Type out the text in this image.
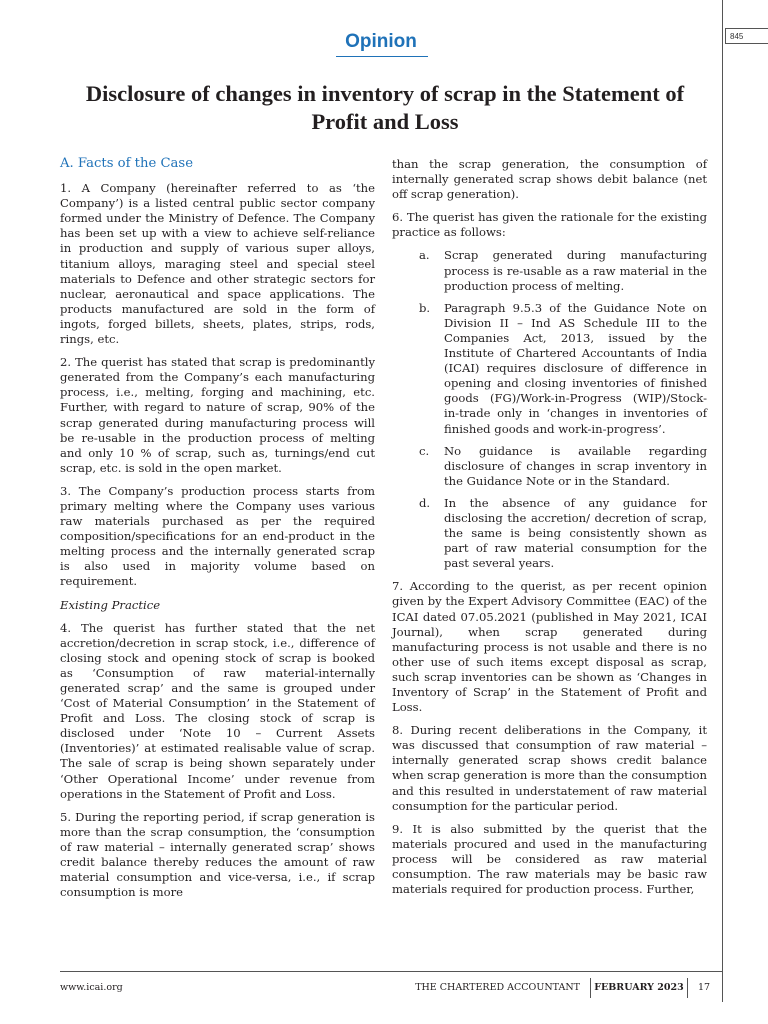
845
Opinion
Disclosure of changes in inventory of scrap in the Statement of Profit and Loss
A. Facts of the Case

1. A Company (hereinafter referred to as ‘the Company’) is a listed central public sector company formed under the Ministry of Defence. The Company has been set up with a view to achieve self-reliance in production and supply of various super alloys, titanium alloys, maraging steel and special steel materials to Defence and other strategic sectors for nuclear, aeronautical and space applications. The products manufactured are sold in the form of ingots, forged billets, sheets, plates, strips, rods, rings, etc.

2. The querist has stated that scrap is predominantly generated from the Company’s each manufacturing process, i.e., melting, forging and machining, etc. Further, with regard to nature of scrap, 90% of the scrap generated during manufacturing process will be re-usable in the production process of melting and only 10 % of scrap, such as, turnings/end cut scrap, etc. is sold in the open market.

3. The Company’s production process starts from primary melting where the Company uses various raw materials purchased as per the required composition/specifications for an end-product in the melting process and the internally generated scrap is also used in majority volume based on requirement.

Existing Practice

4. The querist has further stated that the net accretion/decretion in scrap stock, i.e., difference of closing stock and opening stock of scrap is booked as ‘Consumption of raw material-internally generated scrap’ and the same is grouped under ‘Cost of Material Consumption’ in the Statement of Profit and Loss. The closing stock of scrap is disclosed under ‘Note 10 – Current Assets (Inventories)’ at estimated realisable value of scrap. The sale of scrap is being shown separately under ‘Other Operational Income’ under revenue from operations in the Statement of Profit and Loss.

5. During the reporting period, if scrap generation is more than the scrap consumption, the ‘consumption of raw material – internally generated scrap’ shows credit balance thereby reduces the amount of raw material consumption and vice-versa, i.e., if scrap consumption is more

than the scrap generation, the consumption of internally generated scrap shows debit balance (net off scrap generation).

6. The querist has given the rationale for the existing practice as follows:

a. Scrap generated during manufacturing process is re-usable as a raw material in the production process of melting.
b. Paragraph 9.5.3 of the Guidance Note on Division II – Ind AS Schedule III to the Companies Act, 2013, issued by the Institute of Chartered Accountants of India (ICAI) requires disclosure of difference in opening and closing inventories of finished goods (FG)/Work-in-Progress (WIP)/Stock-in-trade only in ‘changes in inventories of finished goods and work-in-progress’.
c. No guidance is available regarding disclosure of changes in scrap inventory in the Guidance Note or in the Standard.
d. In the absence of any guidance for disclosing the accretion/ decretion of scrap, the same is being consistently shown as part of raw material consumption for the past several years.

7. According to the querist, as per recent opinion given by the Expert Advisory Committee (EAC) of the ICAI dated 07.05.2021 (published in May 2021, ICAI Journal), when scrap generated during manufacturing process is not usable and there is no other use of such items except disposal as scrap, such scrap inventories can be shown as ‘Changes in Inventory of Scrap’ in the Statement of Profit and Loss.

8. During recent deliberations in the Company, it was discussed that consumption of raw material – internally generated scrap shows credit balance when scrap generation is more than the consumption and this resulted in understatement of raw material consumption for the particular period.

9. It is also submitted by the querist that the materials procured and used in the manufacturing process will be considered as raw material consumption. The raw materials may be basic raw materials required for production process. Further,

www.icai.org	THE CHARTERED ACCOUNTANT	FEBRUARY 2023	17
